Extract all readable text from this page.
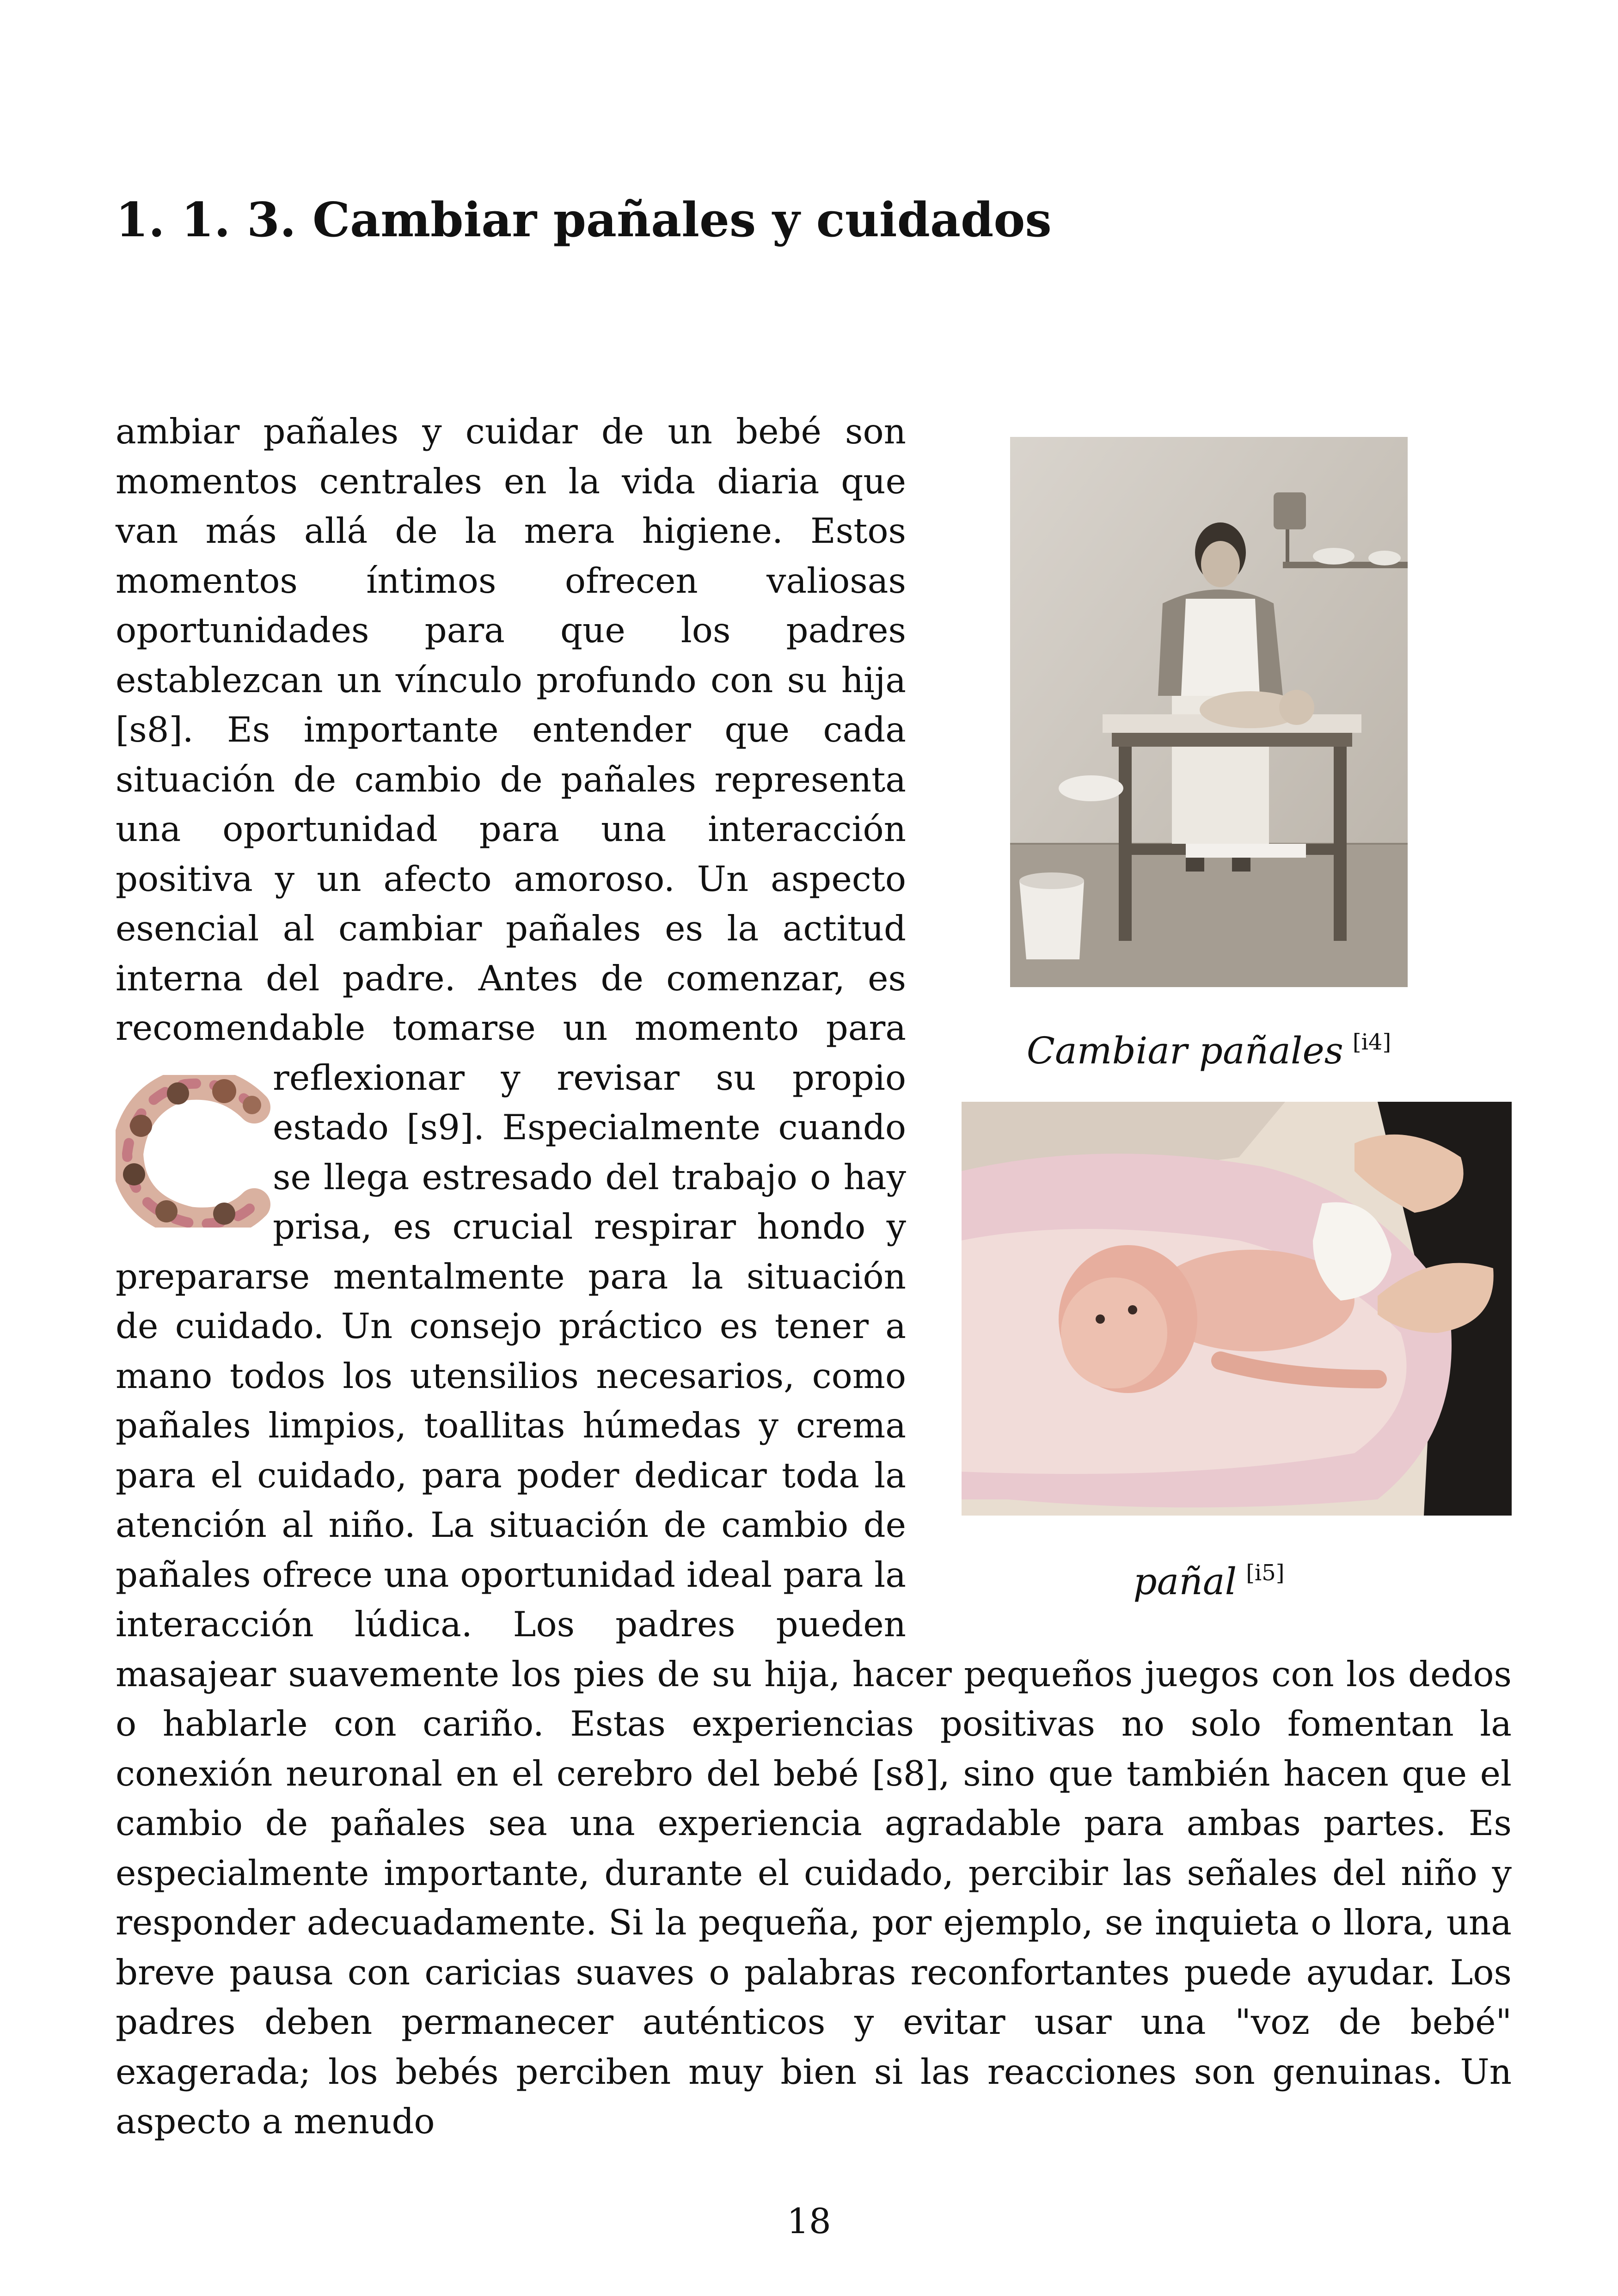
1. 1. 3. Cambiar pañales y cuidados
Cambiar pañales [i4]
pañal [i5]

ambiar pañales y cuidar de un bebé son momentos centrales en la vida diaria que van más allá de la mera higiene. Estos momentos íntimos ofrecen valiosas oportunidades para que los padres establezcan un vínculo profundo con su hija [s8]. Es importante entender que cada situación de cambio de pañales representa una oportunidad para una interacción positiva y un afecto amoroso. Un aspecto esencial al cambiar pañales es la actitud interna del padre. Antes de comenzar, es recomendable tomarse un momento para reflexionar y revisar su propio estado [s9]. Especialmente cuando se llega estresado del trabajo o hay prisa, es crucial respirar hondo y prepararse mentalmente para la situación de cuidado. Un consejo práctico es tener a mano todos los utensilios necesarios, como pañales limpios, toallitas húmedas y crema para el cuidado, para poder dedicar toda la atención al niño. La situación de cambio de pañales ofrece una oportunidad ideal para la interacción lúdica. Los padres pueden masajear suavemente los pies de su hija, hacer pequeños juegos con los dedos o hablarle con cariño. Estas experiencias positivas no solo fomentan la conexión neuronal en el cerebro del bebé [s8], sino que también hacen que el cambio de pañales sea una experiencia agradable para ambas partes. Es especialmente importante, durante el cuidado, percibir las señales del niño y responder adecuadamente. Si la pequeña, por ejemplo, se inquieta o llora, una breve pausa con caricias suaves o palabras reconfortantes puede ayudar. Los padres deben permanecer auténticos y evitar usar una "voz de bebé" exagerada; los bebés perciben muy bien si las reacciones son genuinas. Un aspecto a menudo

18
